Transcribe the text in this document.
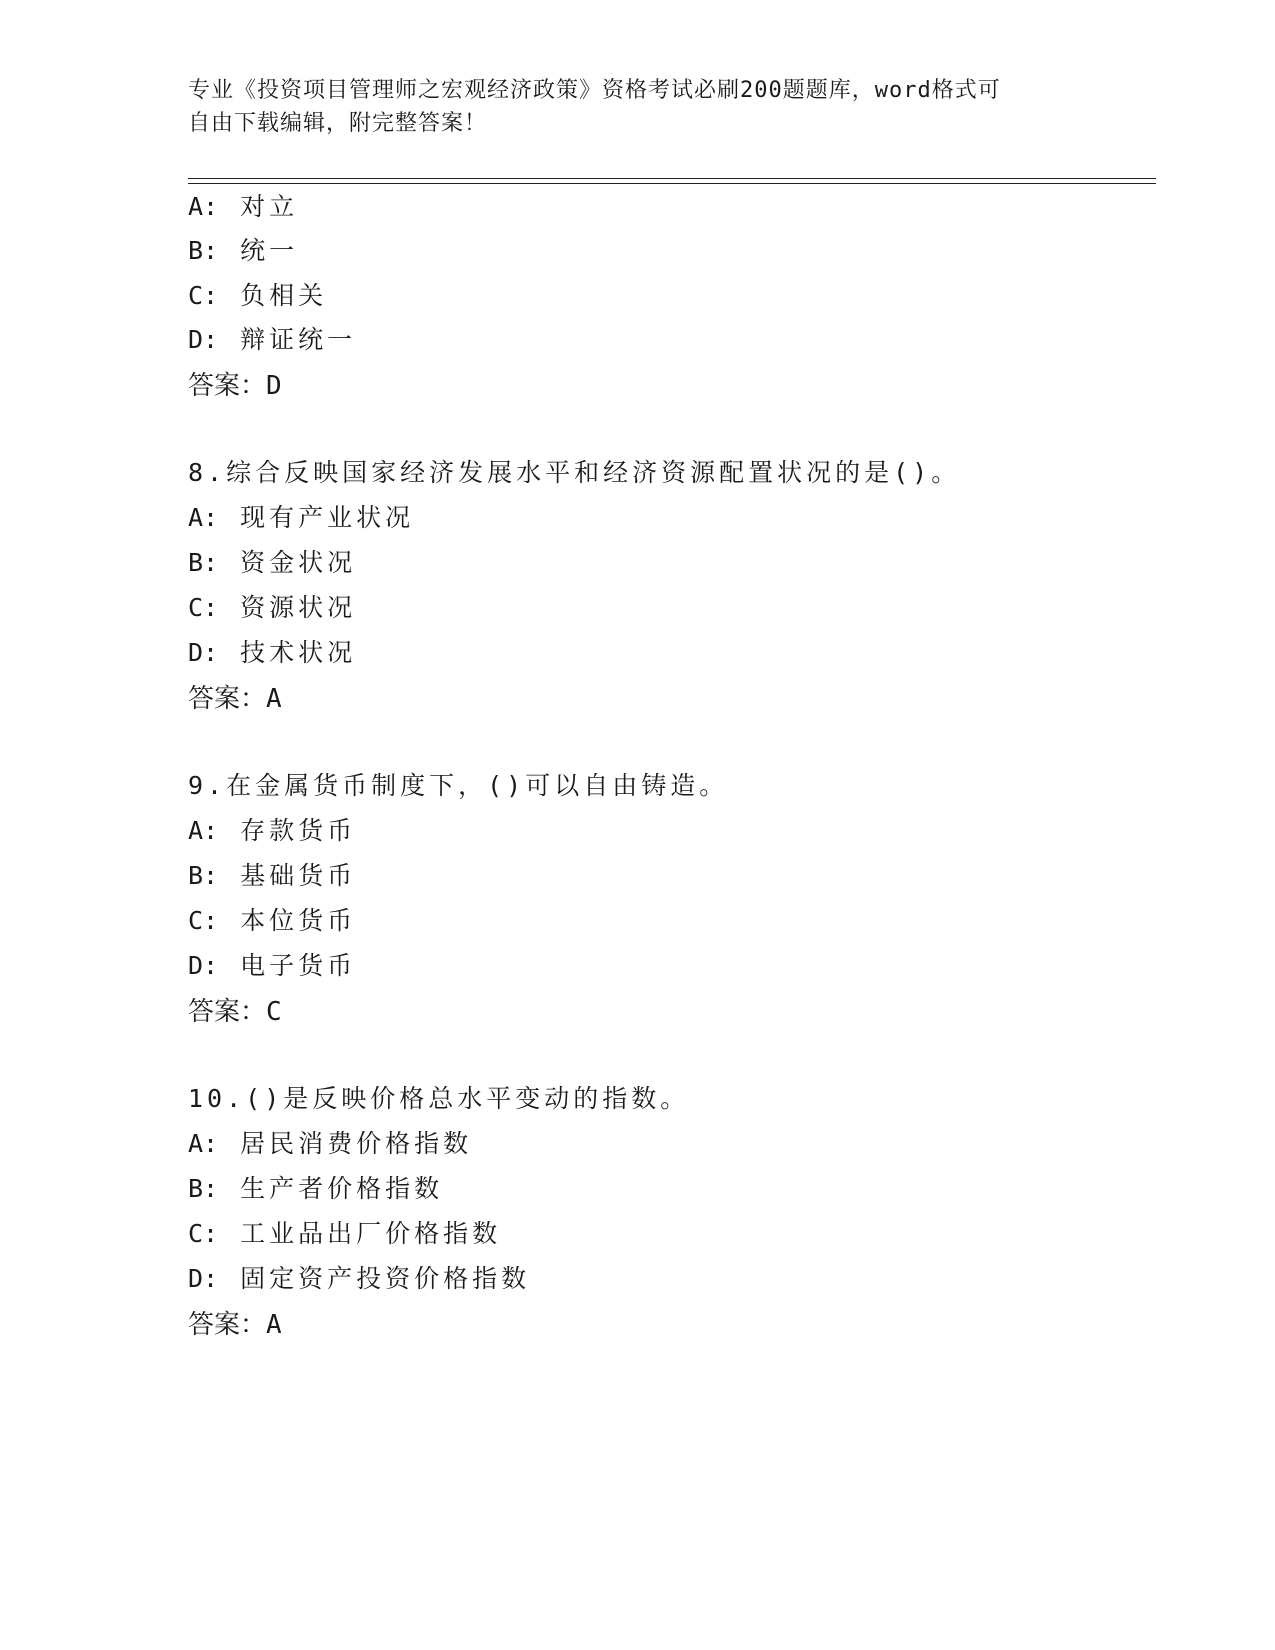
专业《投资项目管理师之宏观经济政策》资格考试必刷200题题库，word格式可
自由下载编辑，附完整答案！
A: 对立
B: 统一
C: 负相关
D: 辩证统一
答案：D
8.综合反映国家经济发展水平和经济资源配置状况的是()。
A: 现有产业状况
B: 资金状况
C: 资源状况
D: 技术状况
答案：A
9.在金属货币制度下，()可以自由铸造。
A: 存款货币
B: 基础货币
C: 本位货币
D: 电子货币
答案：C
10.()是反映价格总水平变动的指数。
A: 居民消费价格指数
B: 生产者价格指数
C: 工业品出厂价格指数
D: 固定资产投资价格指数
答案：A
